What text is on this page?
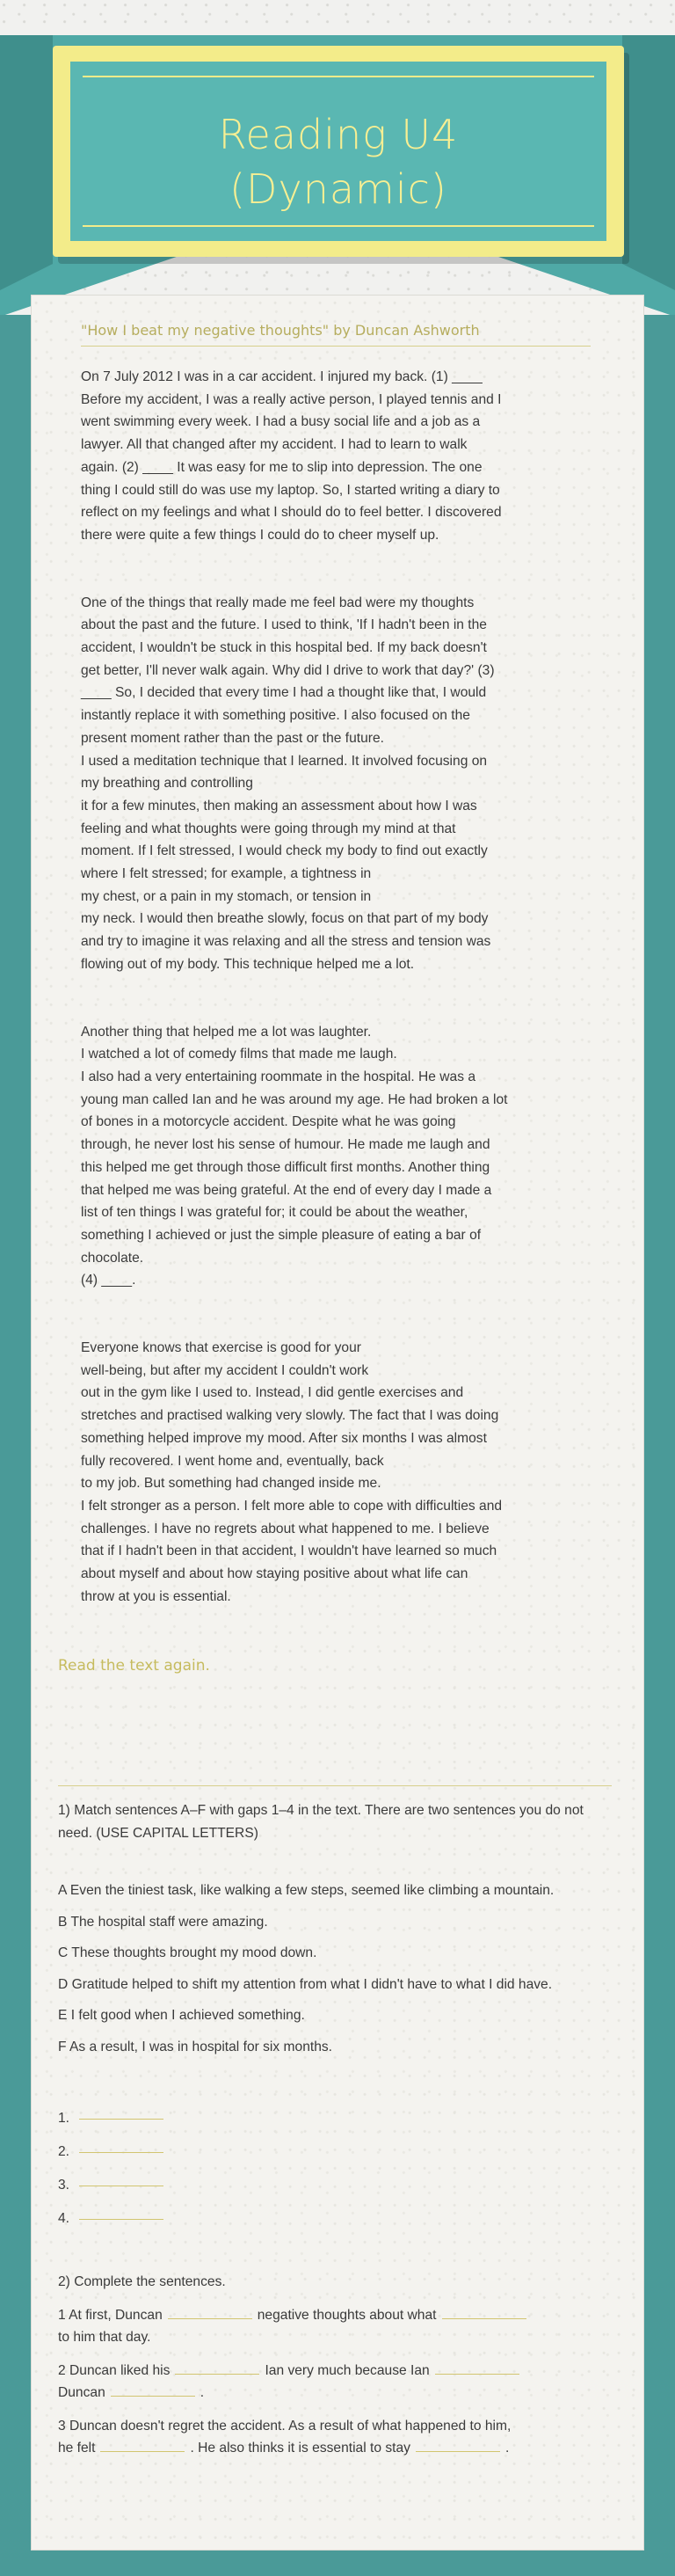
Reading U4
(Dynamic)
"How I beat my negative thoughts" by Duncan Ashworth

On 7 July 2012 I was in a car accident. I injured my back. (1) ____

Before my accident, I was a really active person, I played tennis and I

went swimming every week. I had a busy social life and a job as a

lawyer. All that changed after my accident. I had to learn to walk

again. (2) ____ It was easy for me to slip into depression. The one

thing I could still do was use my laptop. So, I started writing a diary to

reflect on my feelings and what I should do to feel better. I discovered

there were quite a few things I could do to cheer myself up.

One of the things that really made me feel bad were my thoughts

about the past and the future. I used to think, 'If I hadn't been in the

accident, I wouldn't be stuck in this hospital bed. If my back doesn't

get better, I'll never walk again. Why did I drive to work that day?' (3)

____ So, I decided that every time I had a thought like that, I would

instantly replace it with something positive. I also focused on the

present moment rather than the past or the future.

I used a meditation technique that I learned. It involved focusing on

my breathing and controlling

it for a few minutes, then making an assessment about how I was

feeling and what thoughts were going through my mind at that

moment. If I felt stressed, I would check my body to find out exactly

where I felt stressed; for example, a tightness in

my chest, or a pain in my stomach, or tension in

my neck. I would then breathe slowly, focus on that part of my body

and try to imagine it was relaxing and all the stress and tension was

flowing out of my body. This technique helped me a lot.

Another thing that helped me a lot was laughter.

I watched a lot of comedy films that made me laugh.

I also had a very entertaining roommate in the hospital. He was a

young man called Ian and he was around my age. He had broken a lot

of bones in a motorcycle accident. Despite what he was going

through, he never lost his sense of humour. He made me laugh and

this helped me get through those difficult first months. Another thing

that helped me was being grateful. At the end of every day I made a

list of ten things I was grateful for; it could be about the weather,

something I achieved or just the simple pleasure of eating a bar of

chocolate.

(4) ____.

Everyone knows that exercise is good for your

well-being, but after my accident I couldn't work

out in the gym like I used to. Instead, I did gentle exercises and

stretches and practised walking very slowly. The fact that I was doing

something helped improve my mood. After six months I was almost

fully recovered. I went home and, eventually, back

to my job. But something had changed inside me.

I felt stronger as a person. I felt more able to cope with difficulties and

challenges. I have no regrets about what happened to me. I believe

that if I hadn't been in that accident, I wouldn't have learned so much

about myself and about how staying positive about what life can

throw at you is essential.

Read the text again.
1) Match sentences A–F with gaps 1–4 in the text. There are two sentences you do not need. (USE CAPITAL LETTERS)
A Even the tiniest task, like walking a few steps, seemed like climbing a mountain.
B The hospital staff were amazing.
C These thoughts brought my mood down.
D Gratitude helped to shift my attention from what I didn't have to what I did have.
E I felt good when I achieved something.
F As a result, I was in hospital for six months.
1.
2.
3.
4.
2) Complete the sentences.
1 At first, Duncan	negative thoughts about what
to him that day.
2 Duncan liked his	Ian very much because Ian
Duncan	.
3 Duncan doesn't regret the accident. As a result of what happened to him,
he felt	. He also thinks it is essential to stay	.
